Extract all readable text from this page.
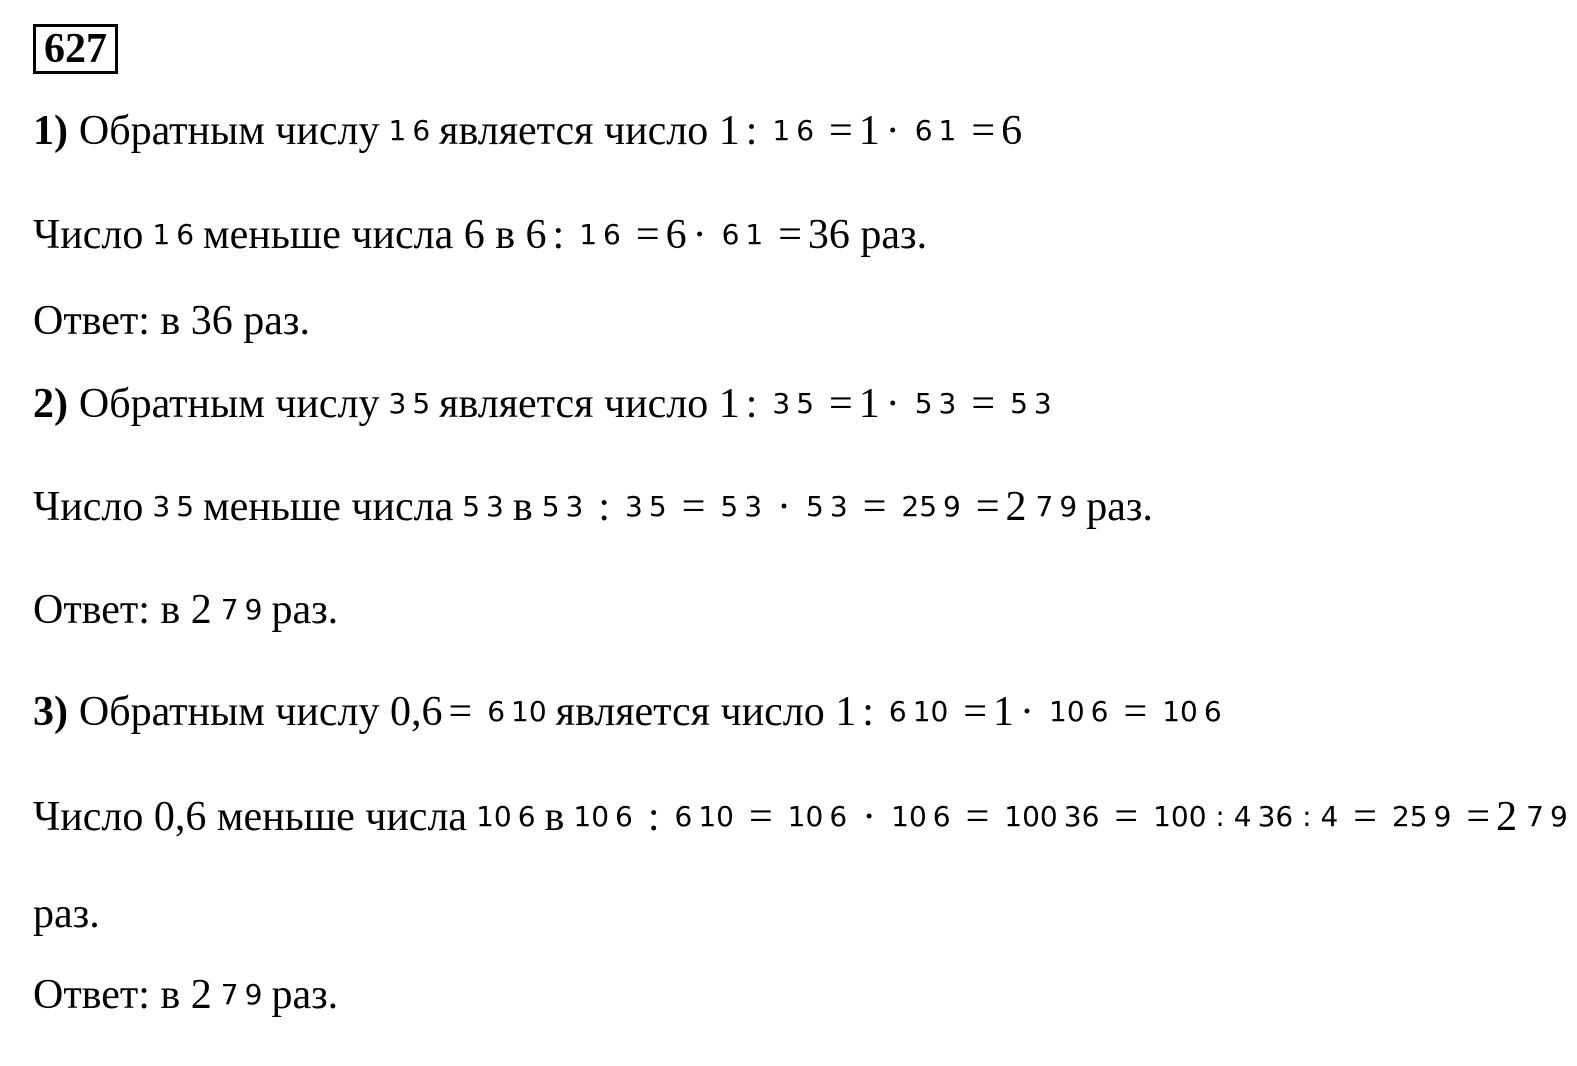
627
1) Обратным числу 1 6 является число 1 : 1 6 = 1 · 6 1 = 6
Число 1 6 меньше числа 6 в 6 : 1 6 = 6 · 6 1 = 36 раз.
Ответ: в 36 раз.
2) Обратным числу 3 5 является число 1 : 3 5 = 1 · 5 3 = 5 3
Число 3 5 меньше числа 5 3 в 5 3 : 3 5 = 5 3 · 5 3 = 25 9 = 2 7 9 раз.
Ответ: в 2 7 9 раз.
3) Обратным числу 0,6 = 6 10 является число 1 : 6 10 = 1 · 10 6 = 10 6
Число 0,6 меньше числа 10 6 в 10 6 : 6 10 = 10 6 · 10 6 = 100 36 = 100 : 4 36 : 4 = 25 9 = 2 7 9
раз.
Ответ: в 2 7 9 раз.
